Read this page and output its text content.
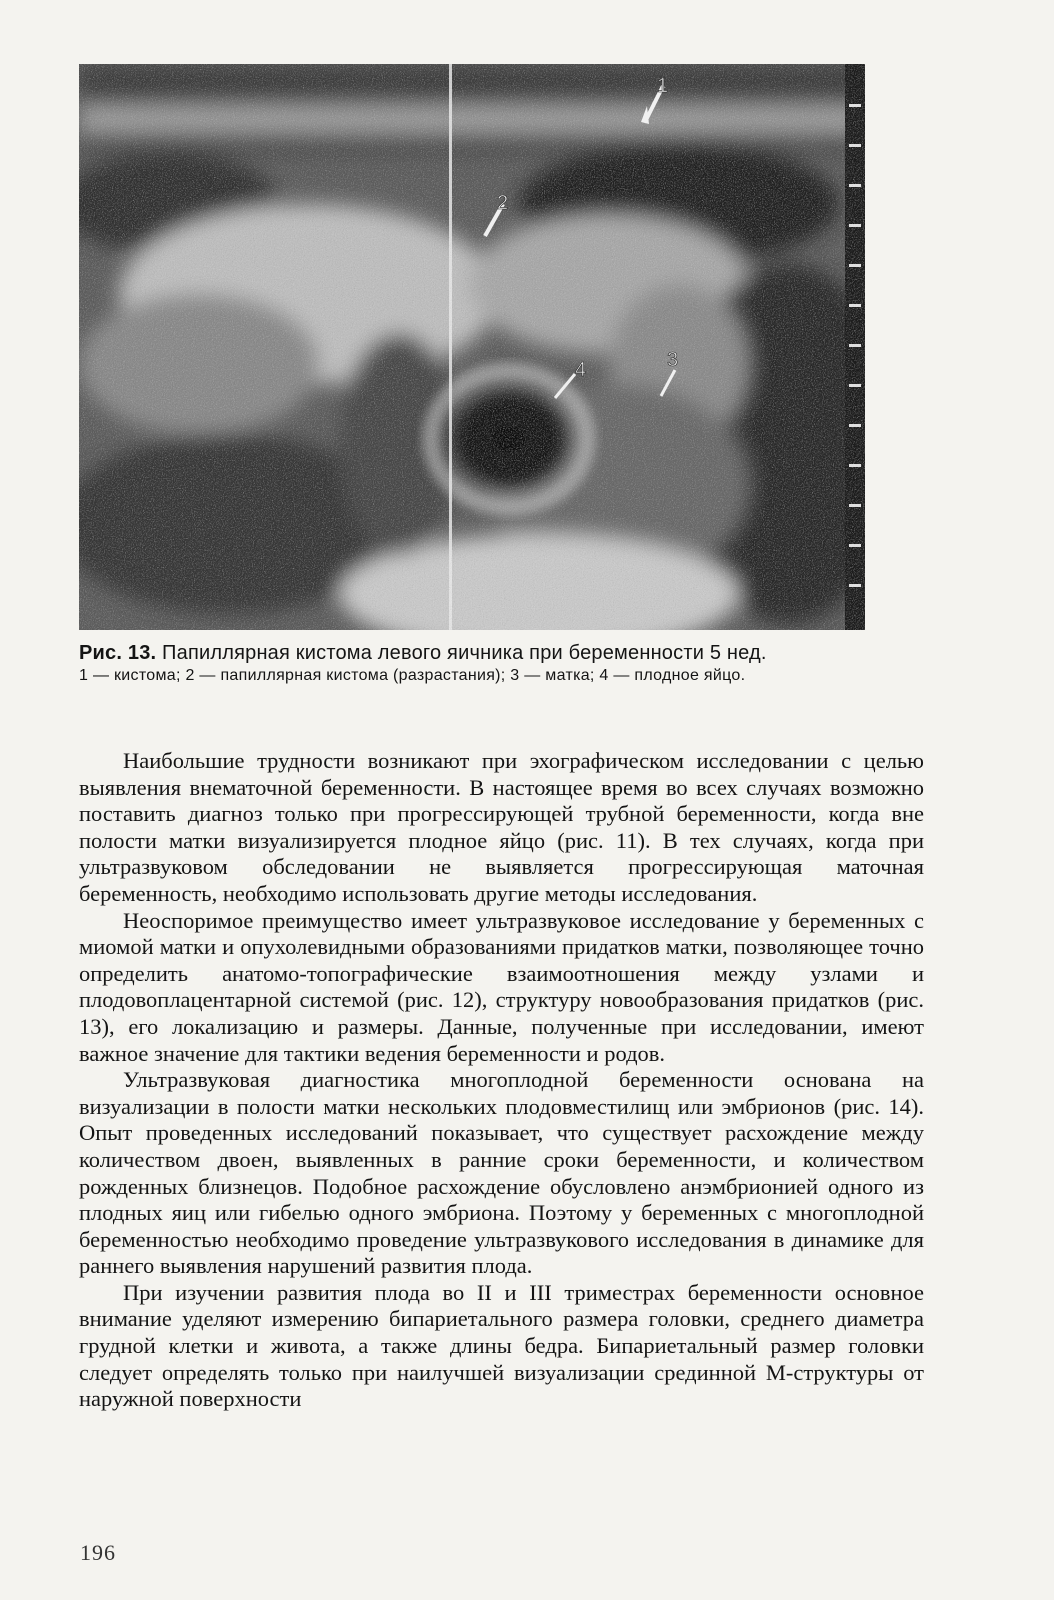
1
2
4	3
Рис. 13. Папиллярная кистома левого яичника при беременности 5 нед.
1 — кистома; 2 — папиллярная кистома (разрастания); 3 — матка; 4 — плодное яйцо.

Наибольшие трудности возникают при эхографическом исследовании с целью выявления внематочной беременности. В настоящее время во всех случаях возможно поставить диагноз только при прогрессирующей трубной беременности, когда вне полости матки визуализируется плодное яйцо (рис. 11). В тех случаях, когда при ультразвуковом обследовании не выявляется прогрессирующая маточная беременность, необходимо использовать другие методы исследования.

Неоспоримое преимущество имеет ультразвуковое исследование у беременных с миомой матки и опухолевидными образованиями придатков матки, позволяющее точно определить анатомо-топографические взаимоотношения между узлами и плодовоплацентарной системой (рис. 12), структуру новообразования придатков (рис. 13), его локализацию и размеры. Данные, полученные при исследовании, имеют важное значение для тактики ведения беременности и родов.

Ультразвуковая диагностика многоплодной беременности основана на визуализации в полости матки нескольких плодовместилищ или эмбрионов (рис. 14). Опыт проведенных исследований показывает, что существует расхождение между количеством двоен, выявленных в ранние сроки беременности, и количеством рожденных близнецов. Подобное расхождение обусловлено анэмбрионией одного из плодных яиц или гибелью одного эмбриона. Поэтому у беременных с многоплодной беременностью необходимо проведение ультразвукового исследования в динамике для раннего выявления нарушений развития плода.

При изучении развития плода во II и III триместрах беременности основное внимание уделяют измерению бипариетального размера головки, среднего диаметра грудной клетки и живота, а также длины бедра. Бипариетальный размер головки следует определять только при наилучшей визуализации срединной М-структуры от наружной поверхности

196
